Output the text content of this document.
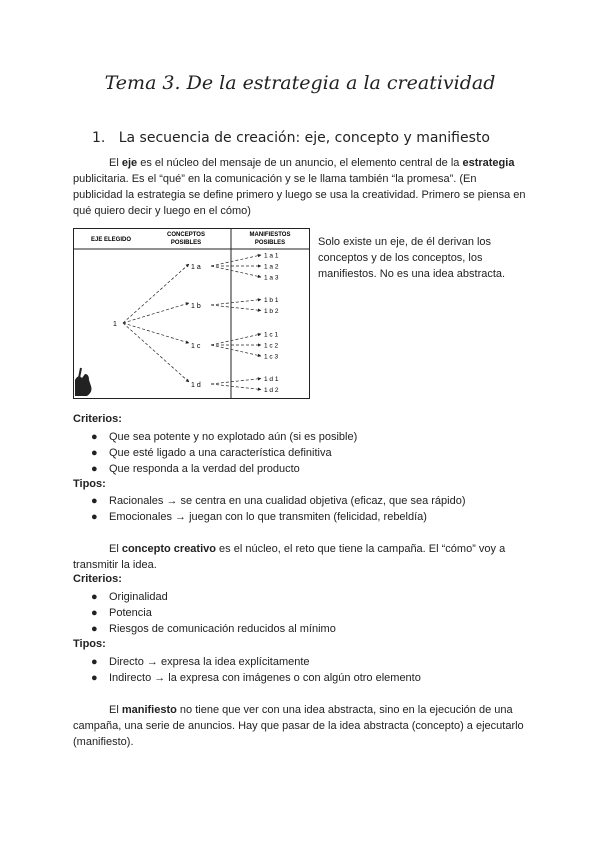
Tema 3. De la estrategia a la creatividad
1. La secuencia de creación: eje, concepto y manifiesto

El eje es el núcleo del mensaje de un anuncio, el elemento central de la estrategia publicitaria. Es el “qué” en la comunicación y se le llama también “la promesa”. (En publicidad la estrategia se define primero y luego se usa la creatividad. Primero se piensa en qué quiero decir y luego en el cómo)

EJE ELEGIDO
CONCEPTOS
POSIBLES
MANIFIESTOS
POSIBLES
1
1 a
1 a 1
1 a 2
1 a 3
1 b
1 b 1
1 b 2
1 c
1 c 1
1 c 2
1 c 3
1 d
1 d 1
1 d 2
Solo existe un eje, de él derivan los conceptos y de los conceptos, los manifiestos. No es una idea abstracta.
Criterios:
● Que sea potente y no explotado aún (si es posible)
● Que esté ligado a una característica definitiva
● Que responda a la verdad del producto
Tipos:
● Racionales → se centra en una cualidad objetiva (eficaz, que sea rápido)
● Emocionales → juegan con lo que transmiten (felicidad, rebeldía)

El concepto creativo es el núcleo, el reto que tiene la campaña. El “cómo” voy a transmitir la idea.

Criterios:
● Originalidad
● Potencia
● Riesgos de comunicación reducidos al mínimo
Tipos:
● Directo → expresa la idea explícitamente
● Indirecto → la expresa con imágenes o con algún otro elemento

El manifiesto no tiene que ver con una idea abstracta, sino en la ejecución de una campaña, una serie de anuncios. Hay que pasar de la idea abstracta (concepto) a ejecutarlo (manifiesto).
